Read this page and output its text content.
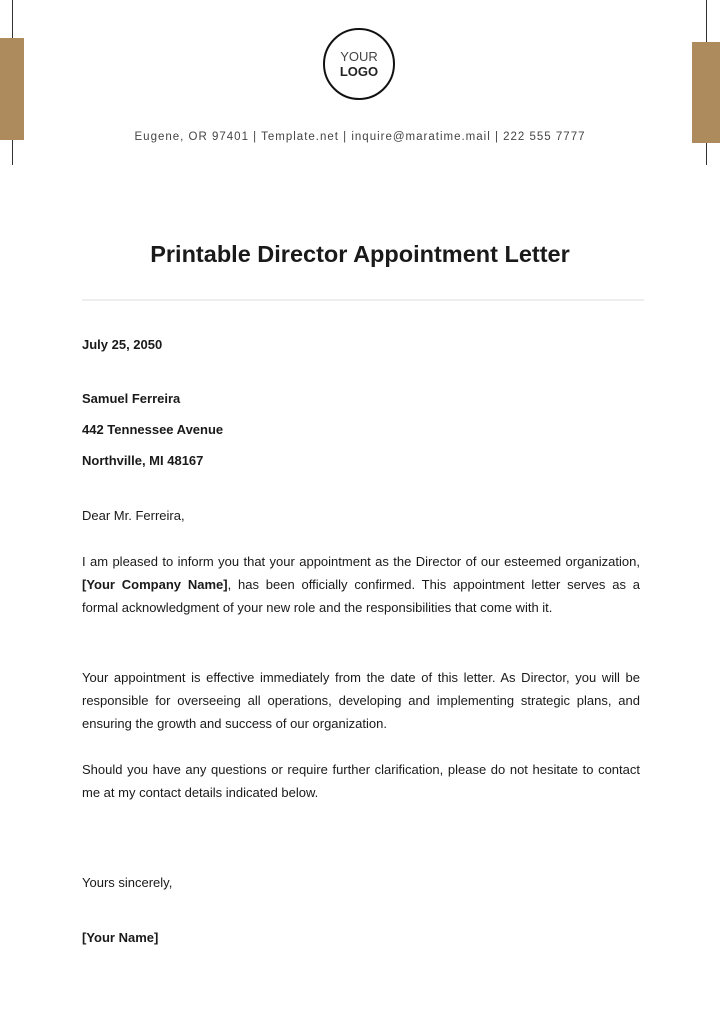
YOUR
LOGO
Eugene, OR 97401 | Template.net | inquire@maratime.mail | 222 555 7777
Printable Director Appointment Letter
July 25, 2050
Samuel Ferreira
442 Tennessee Avenue
Northville, MI 48167
Dear Mr. Ferreira,
I am pleased to inform you that your appointment as the Director of our esteemed organization, [Your Company Name], has been officially confirmed. This appointment letter serves as a formal acknowledgment of your new role and the responsibilities that come with it.
Your appointment is effective immediately from the date of this letter. As Director, you will be responsible for overseeing all operations, developing and implementing strategic plans, and ensuring the growth and success of our organization.
Should you have any questions or require further clarification, please do not hesitate to contact me at my contact details indicated below.
Yours sincerely,
[Your Name]
